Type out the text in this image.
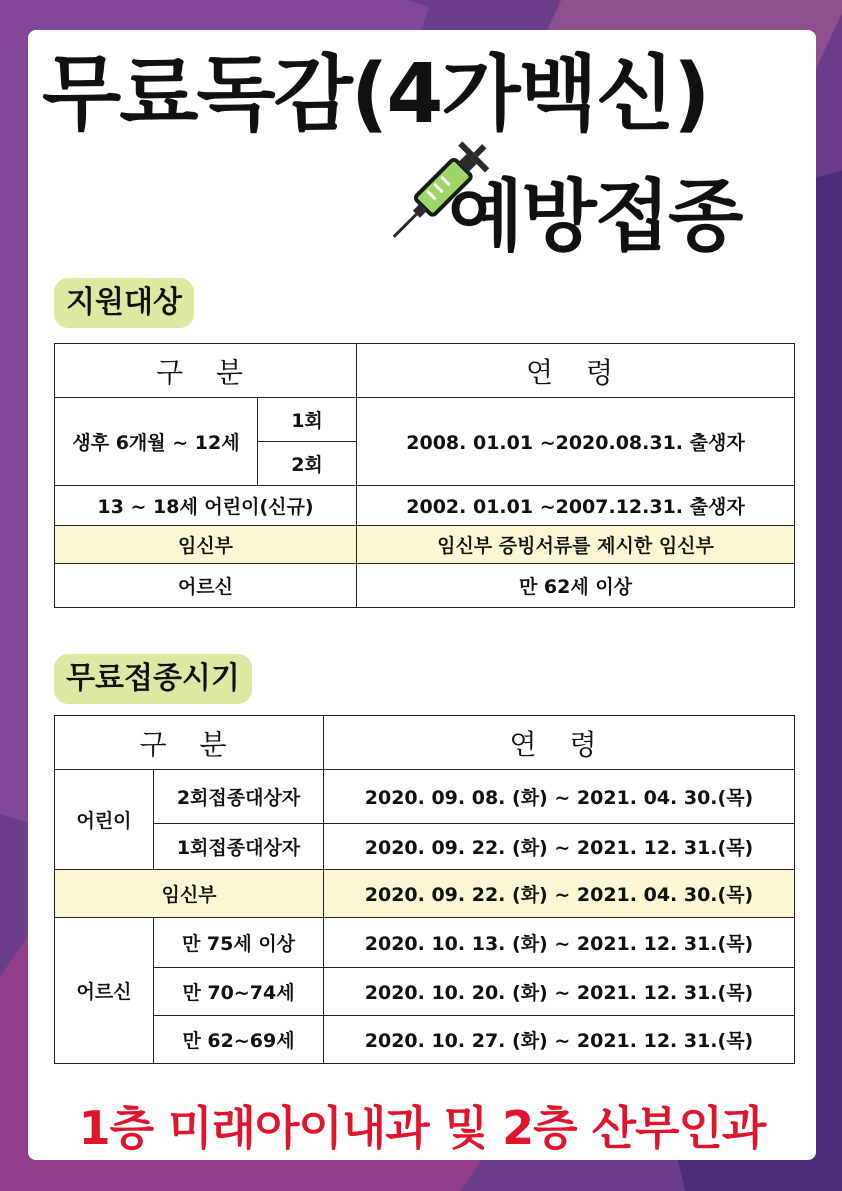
무료독감(4가백신)
예방접종
지원대상
구 분		연 령
생후 6개월 ~ 12세	1회	2008. 01.01 ~2020.08.31. 출생자
	2회	
13 ~ 18세 어린이(신규)		2002. 01.01 ~2007.12.31. 출생자
임신부		임신부 증빙서류를 제시한 임신부
어르신		만 62세 이상
무료접종시기
구 분		연 령
어린이	2회접종대상자	2020. 09. 08. (화) ~ 2021. 04. 30.(목)
	1회접종대상자	2020. 09. 22. (화) ~ 2021. 12. 31.(목)
임신부		2020. 09. 22. (화) ~ 2021. 04. 30.(목)
어르신	만 75세 이상	2020. 10. 13. (화) ~ 2021. 12. 31.(목)
	만 70~74세	2020. 10. 20. (화) ~ 2021. 12. 31.(목)
	만 62~69세	2020. 10. 27. (화) ~ 2021. 12. 31.(목)
1층 미래아이내과 및 2층 산부인과
